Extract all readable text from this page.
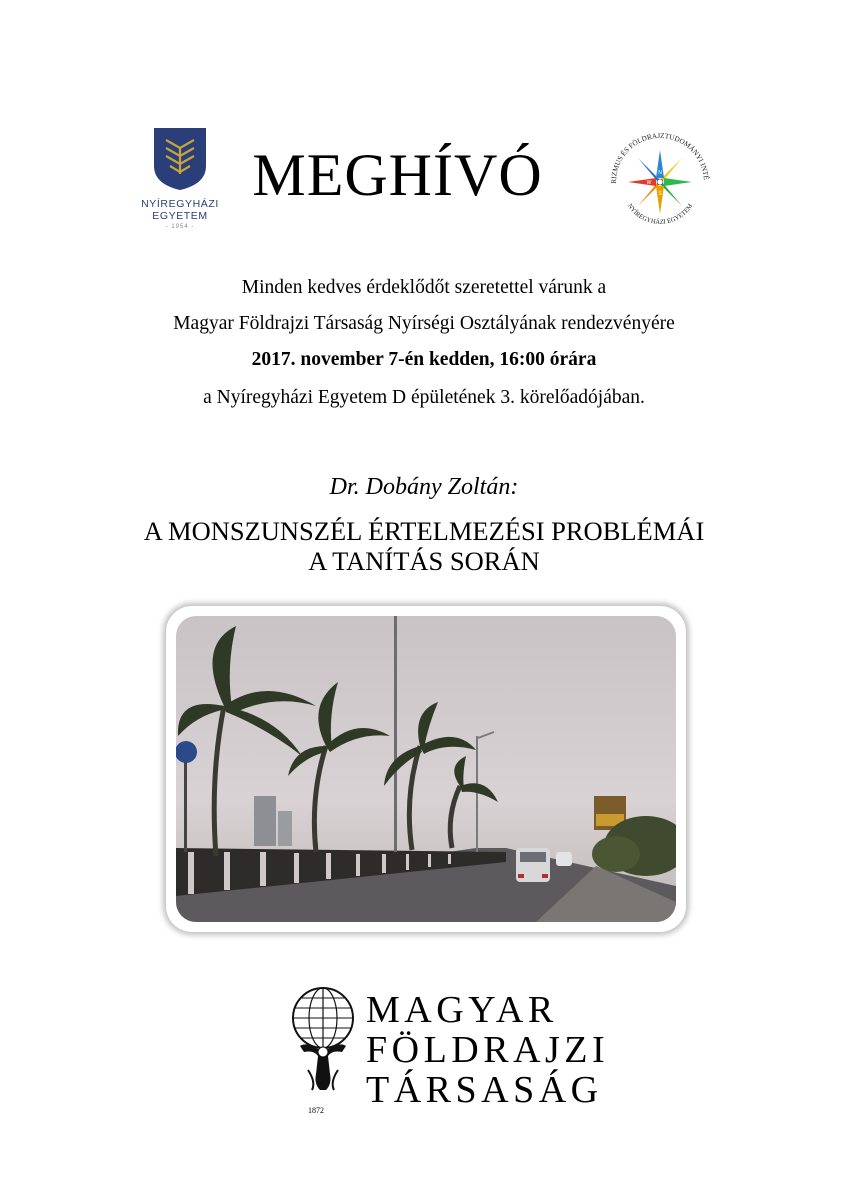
NYÍREGYHÁZI
EGYETEM
- 1954 -
MEGHÍVÓ	RIZMUS ÉS FÖLDRAJZTUDOMÁNYI INTÉ
NYÍREGYHÁZI EGYETEM
N
S
W
Minden kedves érdeklődőt szeretettel várunk a
Magyar Földrajzi Társaság Nyírségi Osztályának rendezvényére
2017. november 7-én kedden, 16:00 órára
a Nyíregyházi Egyetem D épületének 3. körelőadójában.
Dr. Dobány Zoltán:
A MONSZUNSZÉL ÉRTELMEZÉSI PROBLÉMÁI
A TANÍTÁS SORÁN
1872
MAGYAR
FÖLDRAJZI
TÁRSASÁG
